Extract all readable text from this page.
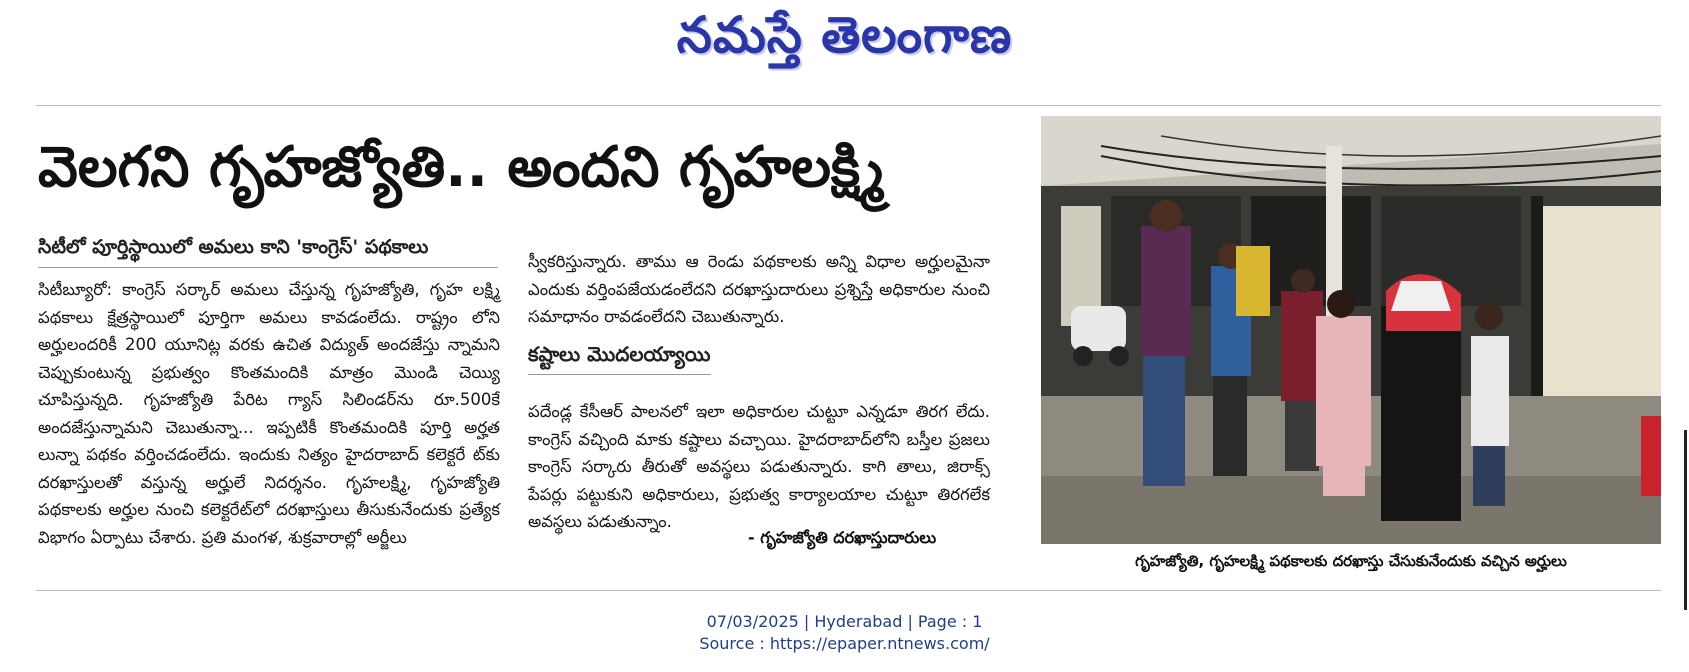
నమస్తే తెలంగాణ
వెలగని గృహజ్యోతి.. అందని గృహలక్ష్మి
సిటీలో పూర్తిస్థాయిలో అమలు కాని 'కాంగ్రెస్' పథకాలు
సిటీబ్యూరో: కాంగ్రెస్ సర్కార్ అమలు చేస్తున్న గృహజ్యోతి, గృహ లక్ష్మి పథకాలు క్షేత్రస్థాయిలో పూర్తిగా అమలు కావడంలేదు. రాష్ట్రం లోని అర్హులందరికీ 200 యూనిట్ల వరకు ఉచిత విద్యుత్ అందజేస్తు న్నామని చెప్పుకుంటున్న ప్రభుత్వం కొంతమందికి మాత్రం మొండి చెయ్యి చూపిస్తున్నది. గృహజ్యోతి పేరిట గ్యాస్ సిలిండర్‌ను రూ.500కే అందజేస్తున్నామని చెబుతున్నా... ఇప్పటికీ కొంతమందికి పూర్తి అర్హత లున్నా పథకం వర్తించడంలేదు. ఇందుకు నిత్యం హైదరాబాద్ కలెక్టరే ట్‌కు దరఖాస్తులతో వస్తున్న అర్హులే నిదర్శనం. గృహలక్ష్మి, గృహజ్యోతి పథకాలకు అర్హుల నుంచి కలెక్టరేట్‌లో దరఖాస్తులు తీసుకునేందుకు ప్రత్యేక విభాగం ఏర్పాటు చేశారు. ప్రతి మంగళ, శుక్రవారాల్లో అర్జీలు
స్వీకరిస్తున్నారు. తాము ఆ రెండు పథకాలకు అన్ని విధాల అర్హులమైనా ఎందుకు వర్తింపజేయడంలేదని దరఖాస్తుదారులు ప్రశ్నిస్తే అధికారుల నుంచి సమాధానం రావడంలేదని చెబుతున్నారు.
కష్టాలు మొదలయ్యాయి
పదేండ్ల కేసీఆర్ పాలనలో ఇలా అధికారుల చుట్టూ ఎన్నడూ తిరగ లేదు. కాంగ్రెస్ వచ్చింది మాకు కష్టాలు వచ్చాయి. హైదరాబాద్‌లోని బస్తీల ప్రజలు కాంగ్రెస్ సర్కారు తీరుతో అవస్థలు పడుతున్నారు. కాగి తాలు, జిరాక్స్ పేపర్లు పట్టుకుని అధికారులు, ప్రభుత్వ కార్యాలయాల చుట్టూ తిరగలేక అవస్థలు పడుతున్నాం.
- గృహజ్యోతి దరఖాస్తుదారులు
గృహజ్యోతి, గృహలక్ష్మి పథకాలకు దరఖాస్తు చేసుకునేందుకు వచ్చిన అర్హులు
07/03/2025 | Hyderabad | Page : 1
Source : https://epaper.ntnews.com/
